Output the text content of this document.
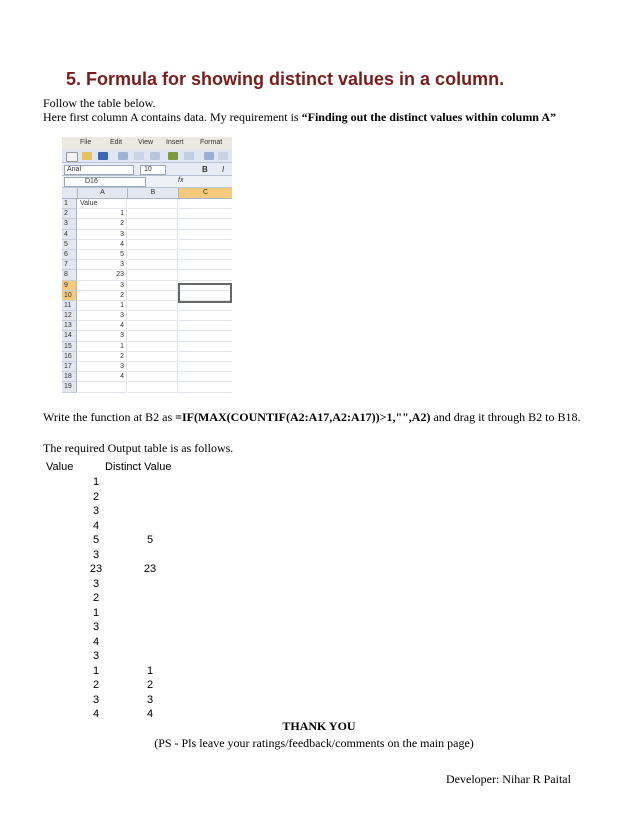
5. Formula for showing distinct values in a column.
Follow the table below.
Here first column A contains data. My requirement is “Finding out the distinct values within column A”
File	Edit View Insert Format
Arial	10	B I
D16	fx
A	B	C
1	Value
2	1
3	2
4	3
5	4
6	5
7	3
8	23
9	3
10	2
11	1
12	3
13	4
14	3
15	1
16	2
17	3
18	4
19
Write the function at B2 as =IF(MAX(COUNTIF(A2:A17,A2:A17))>1,"",A2) and drag it through B2 to B18.
The required Output table is as follows.
Value	Distinct Value
1
2
3
4
5	5
3
23	23
3
2
1
3
4
3
1	1
2	2
3	3
4	4
THANK YOU
(PS - Pls leave your ratings/feedback/comments on the main page)
Developer: Nihar R Paital
